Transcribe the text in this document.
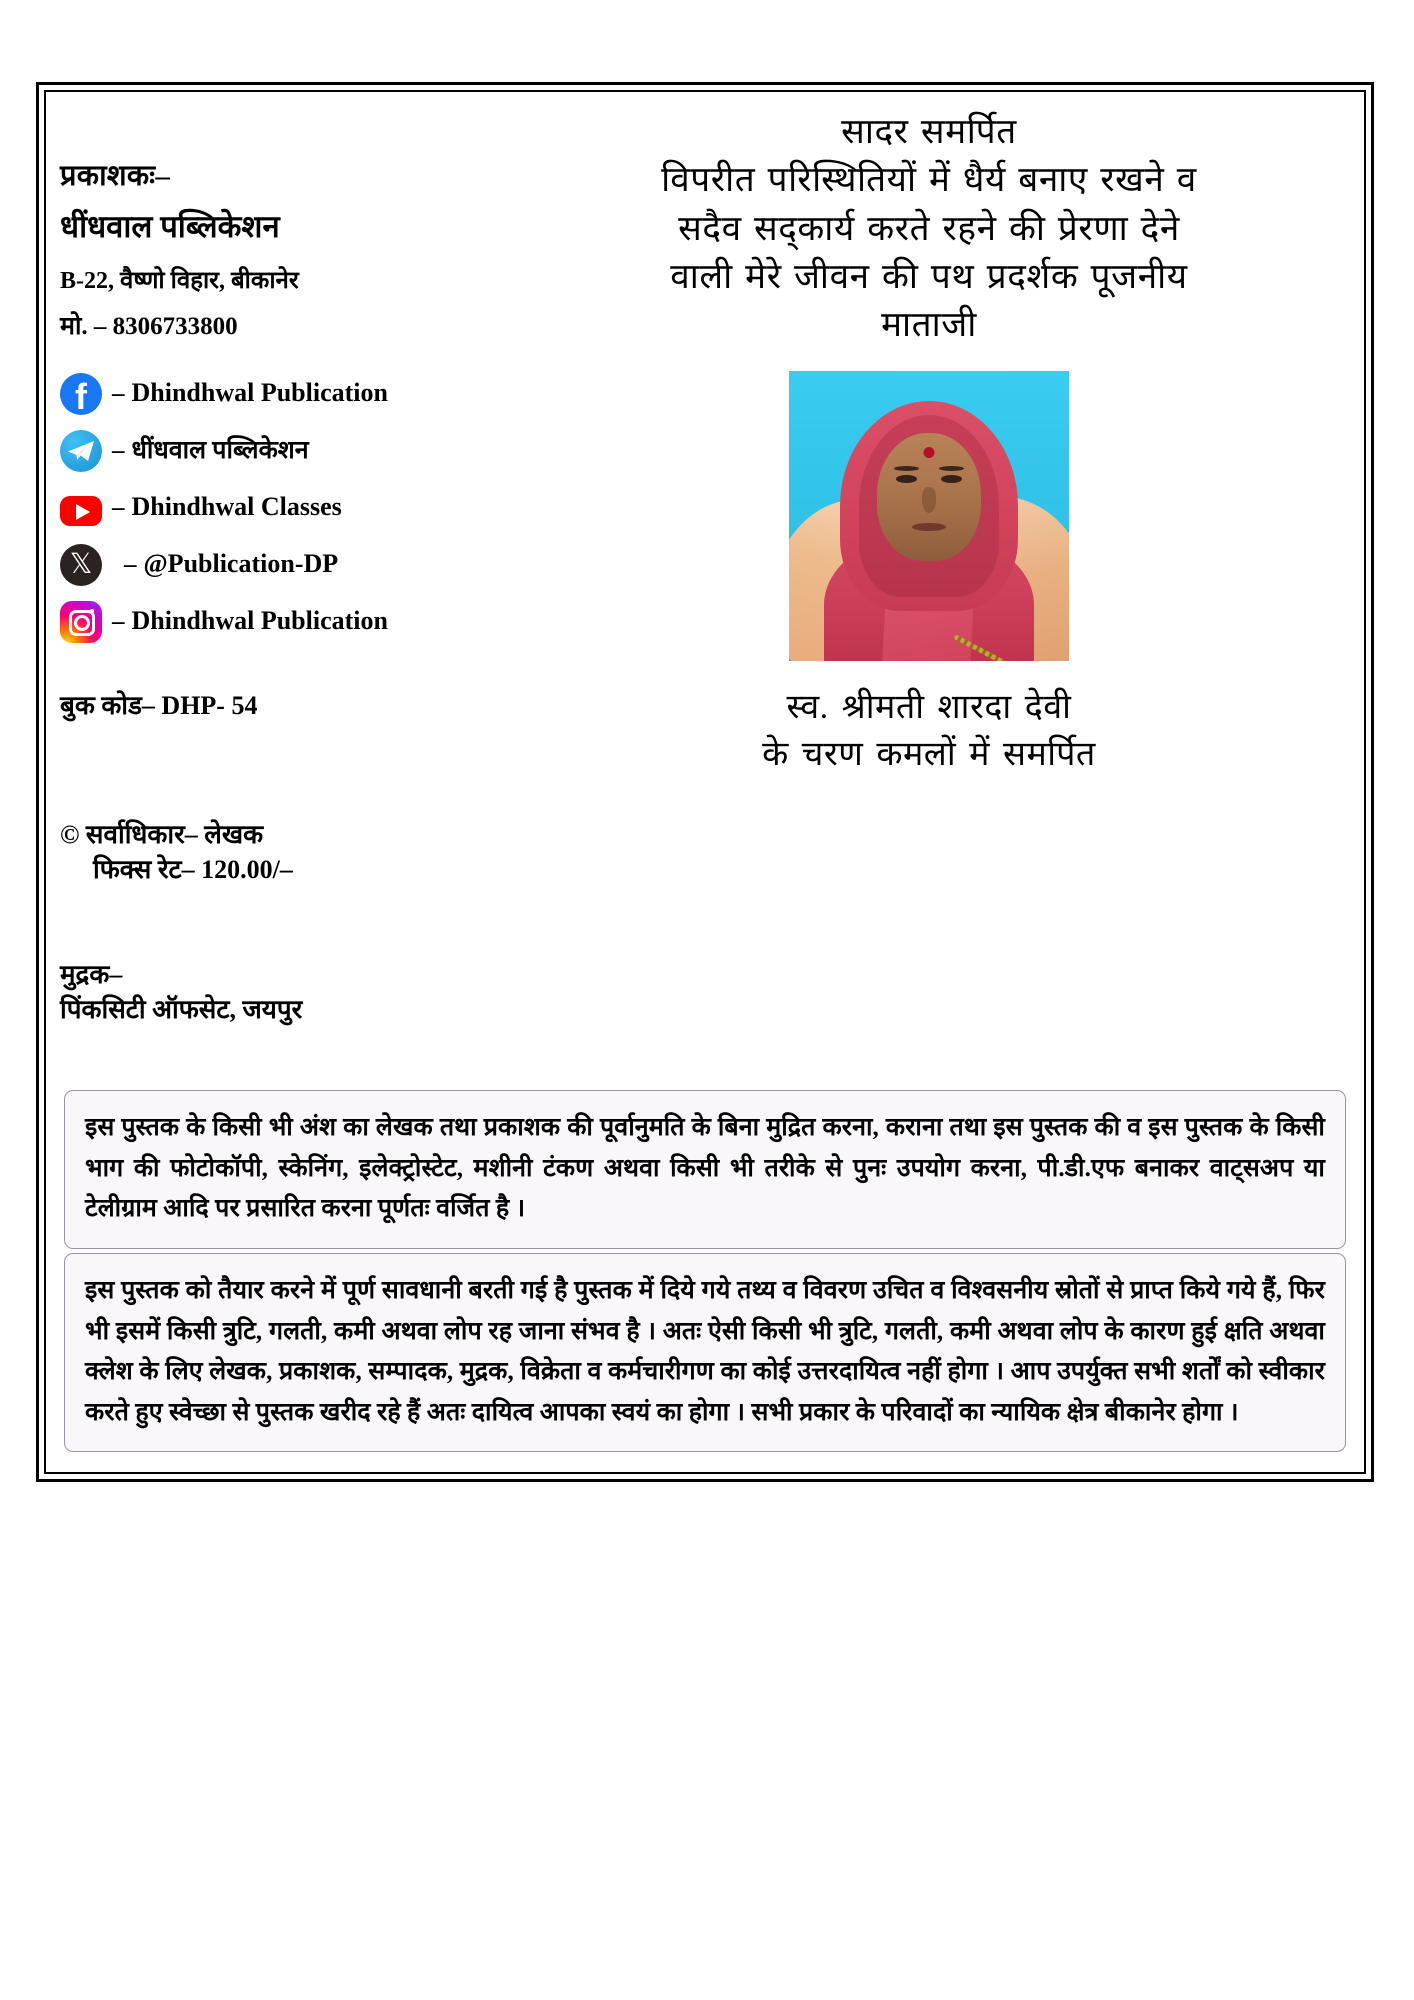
प्रकाशकः–
धींधवाल पब्लिकेशन
B-22, वैष्णो विहार, बीकानेर
मो. – 8306733800
f	– Dhindhwal Publication
– धींधवाल पब्लिकेशन
– Dhindhwal Classes
𝕏	– @Publication-DP
– Dhindhwal Publication
बुक कोड– DHP- 54
© सर्वाधिकार– लेखक
फिक्स रेट– 120.00/–
मुद्रक–
पिंकसिटी ऑफसेट, जयपुर
सादर समर्पित
विपरीत परिस्थितियों में धैर्य बनाए रखने व
सदैव सद्कार्य करते रहने की प्रेरणा देने
वाली मेरे जीवन की पथ प्रदर्शक पूजनीय
माताजी
स्व. श्रीमती शारदा देवी
के चरण कमलों में समर्पित

इस पुस्तक के किसी भी अंश का लेखक तथा प्रकाशक की पूर्वानुमति के बिना मुद्रित करना, कराना तथा इस पुस्तक की व इस पुस्तक के किसी भाग की फोटोकॉपी, स्केनिंग, इलेक्ट्रोस्टेट, मशीनी टंकण अथवा किसी भी तरीके से पुनः उपयोग करना, पी.डी.एफ बनाकर वाट्सअप या टेलीग्राम आदि पर प्रसारित करना पूर्णतः वर्जित है ।

इस पुस्तक को तैयार करने में पूर्ण सावधानी बरती गई है पुस्तक में दिये गये तथ्य व विवरण उचित व विश्वसनीय स्रोतों से प्राप्त किये गये हैं, फिर भी इसमें किसी त्रुटि, गलती, कमी अथवा लोप रह जाना संभव है । अतः ऐसी किसी भी त्रुटि, गलती, कमी अथवा लोप के कारण हुई क्षति अथवा क्लेश के लिए लेखक, प्रकाशक, सम्पादक, मुद्रक, विक्रेता व कर्मचारीगण का कोई उत्तरदायित्व नहीं होगा । आप उपर्युक्त सभी शर्तों को स्वीकार करते हुए स्वेच्छा से पुस्तक खरीद रहे हैं अतः दायित्व आपका स्वयं का होगा । सभी प्रकार के परिवादों का न्यायिक क्षेत्र बीकानेर होगा ।
